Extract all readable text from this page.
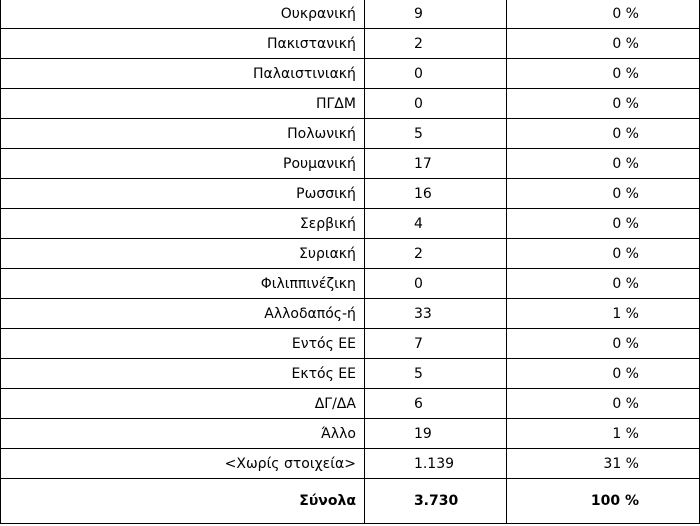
Ουκρανική	9	0 %
Πακιστανική	2	0 %
Παλαιστινιακή	0	0 %
ΠΓΔΜ	0	0 %
Πολωνική	5	0 %
Ρουμανική	17	0 %
Ρωσσική	16	0 %
Σερβική	4	0 %
Συριακή	2	0 %
Φιλιππινέζικη	0	0 %
Αλλοδαπός-ή	33	1 %
Εντός ΕΕ	7	0 %
Εκτός ΕΕ	5	0 %
ΔΓ/ΔΑ	6	0 %
Άλλο	19	1 %
<Χωρίς στοιχεία>	1.139	31 %
Σύνολα	3.730	100 %
